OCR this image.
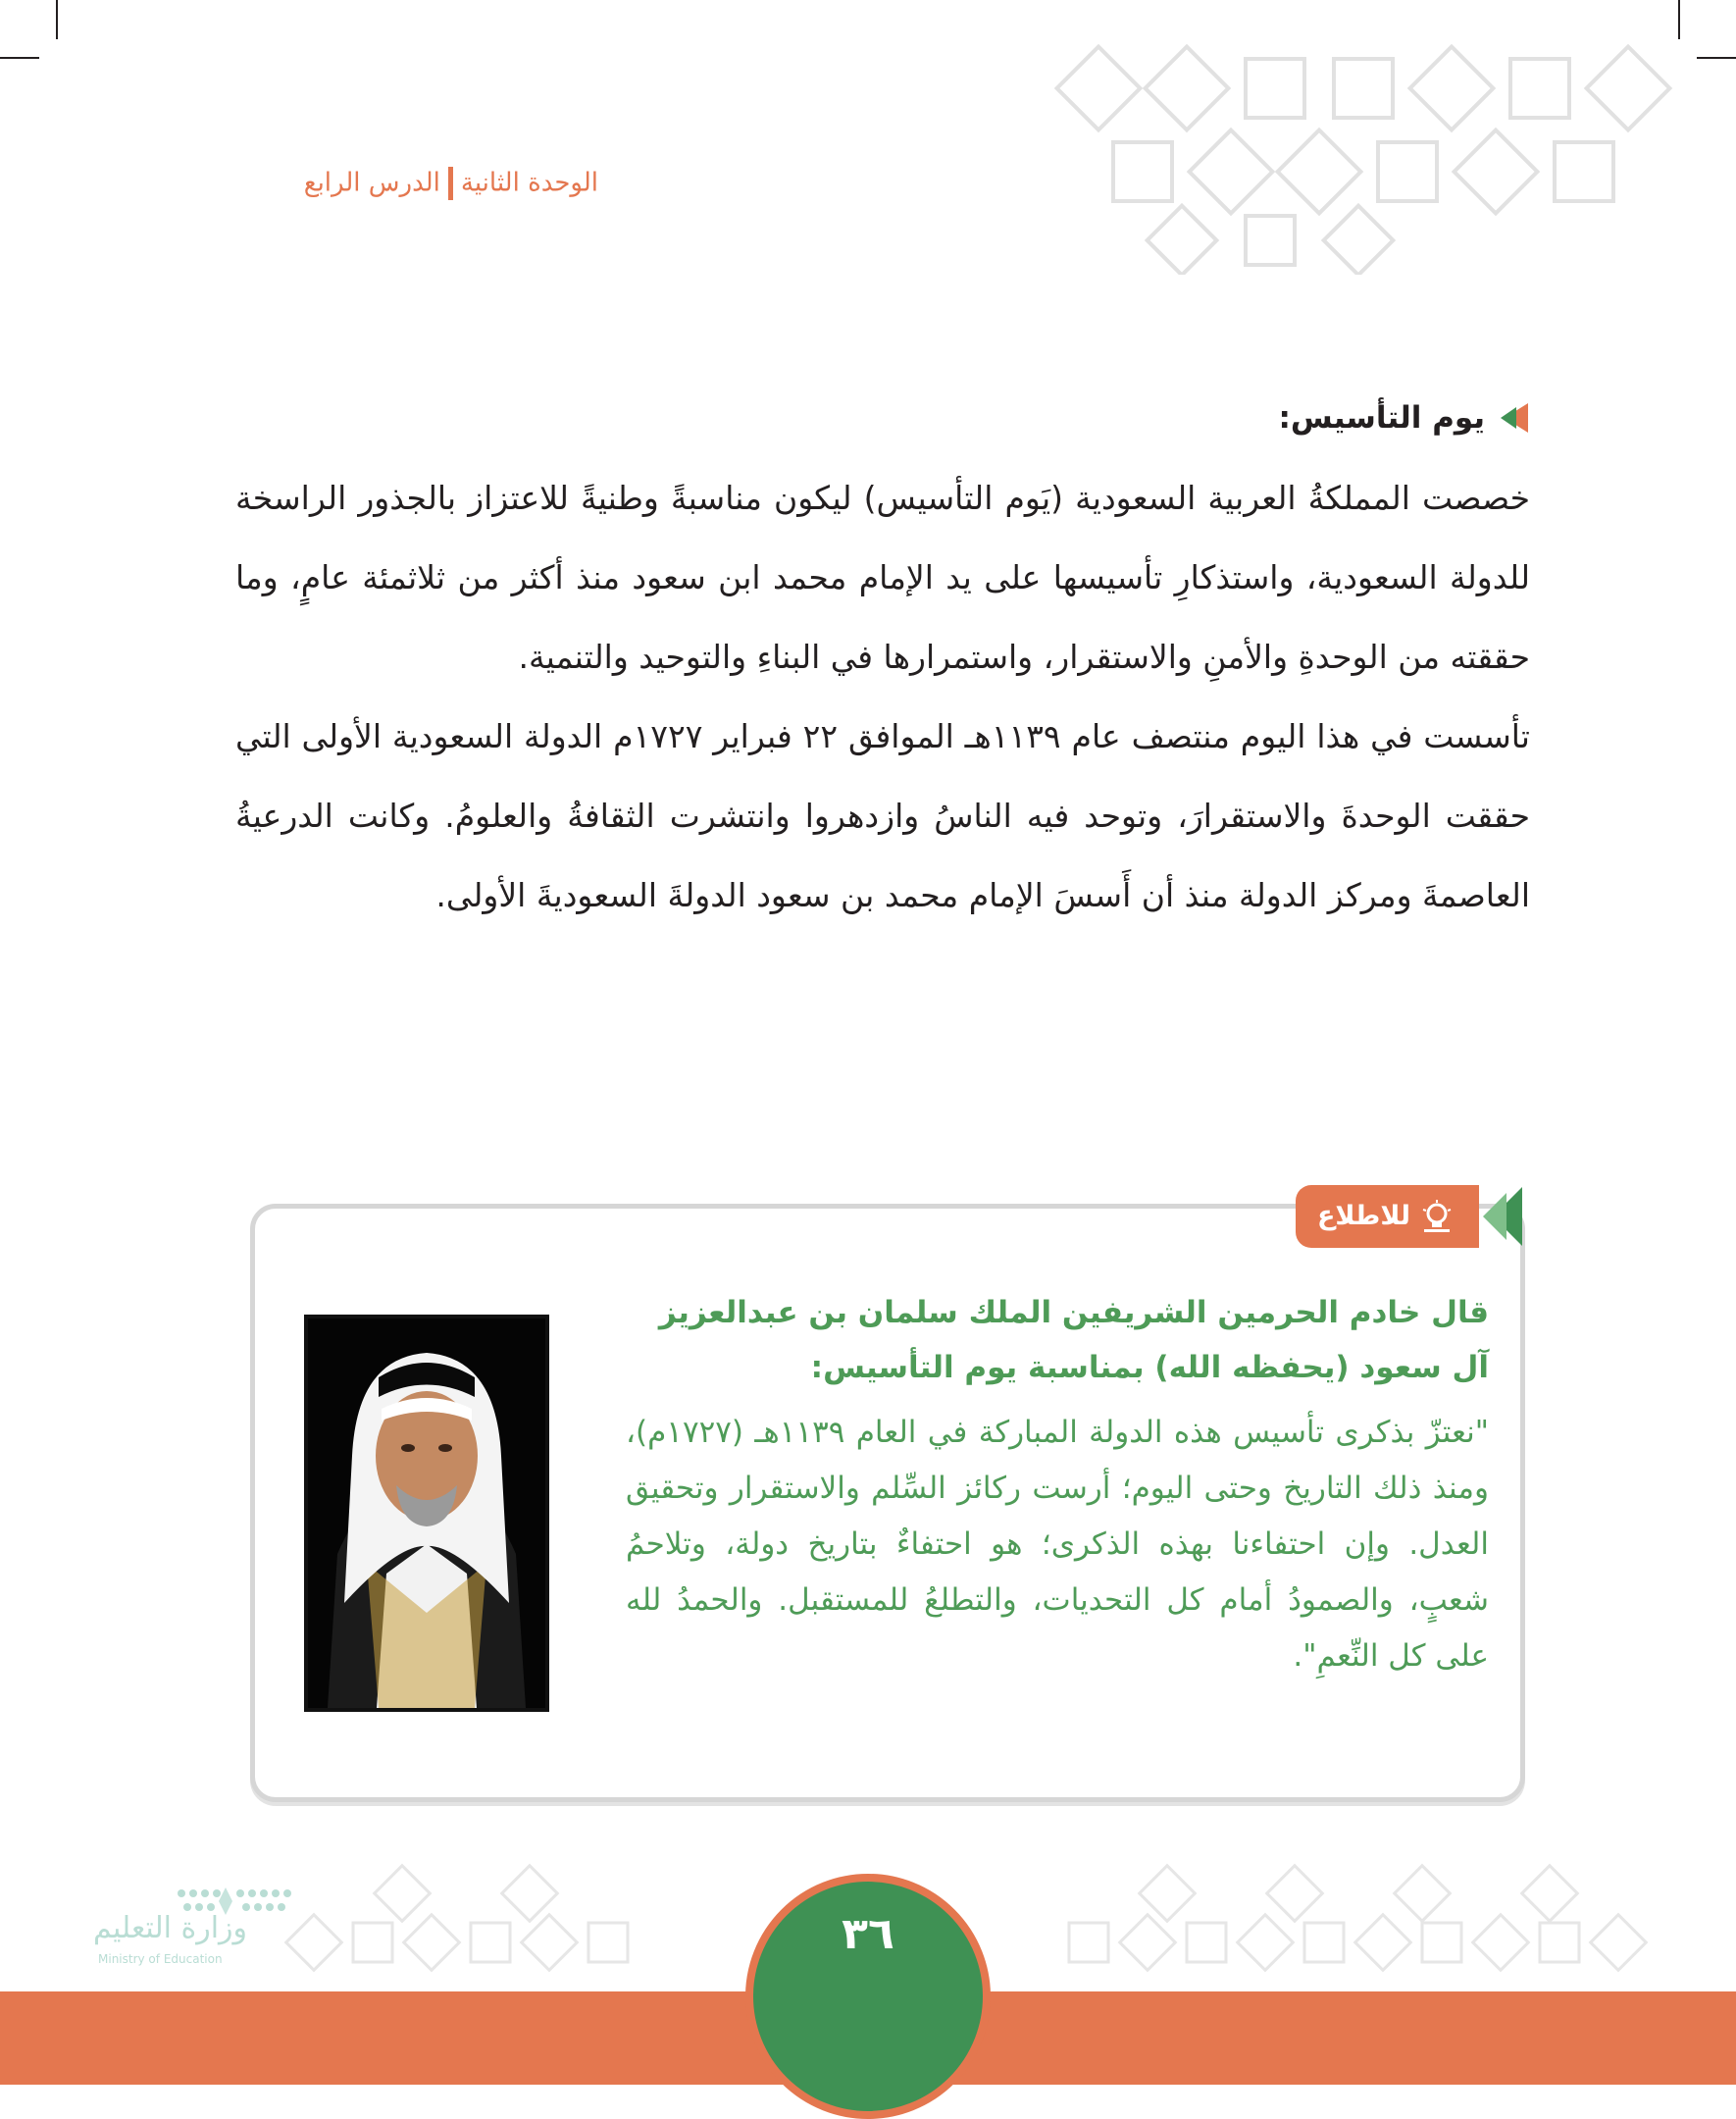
الوحدة الثانيةالدرس الرابع
يوم التأسيس:

خصصت المملكةُ العربية السعودية (يَوم التأسيس) ليكون مناسبةً وطنيةً للاعتزاز بالجذور الراسخة للدولة السعودية، واستذكارِ تأسيسها على يد الإمام محمد ابن سعود منذ أكثر من ثلاثمئة عامٍ، وما حققته من الوحدةِ والأمنِ والاستقرار، واستمرارها في البناءِ والتوحيد والتنمية.

تأسست في هذا اليوم منتصف عام ١١٣٩هـ الموافق ٢٢ فبراير ١٧٢٧م الدولة السعودية الأولى التي حققت الوحدةَ والاستقرارَ، وتوحد فيه الناسُ وازدهروا وانتشرت الثقافةُ والعلومُ. وكانت الدرعيةُ العاصمةَ ومركز الدولة منذ أن أَسسَ الإمام محمد بن سعود الدولةَ السعوديةَ الأولى.

للاطلاع
قال خادم الحرمين الشريفين الملك سلمان بن عبدالعزيز
آل سعود (يحفظه الله) بمناسبة يوم التأسيس:
"نعتزّ بذكرى تأسيس هذه الدولة المباركة في العام ١١٣٩هـ (١٧٢٧م)، ومنذ ذلك التاريخ وحتى اليوم؛ أرست ركائز السِّلم والاستقرار وتحقيق العدل. وإن احتفاءنا بهذه الذكرى؛ هو احتفاءٌ بتاريخ دولة، وتلاحمُ شعبٍ، والصمودُ أمام كل التحديات، والتطلعُ للمستقبل. والحمدُ لله على كل النِّعمِ".
وزارة التعليم
Ministry of Education	٣٦
